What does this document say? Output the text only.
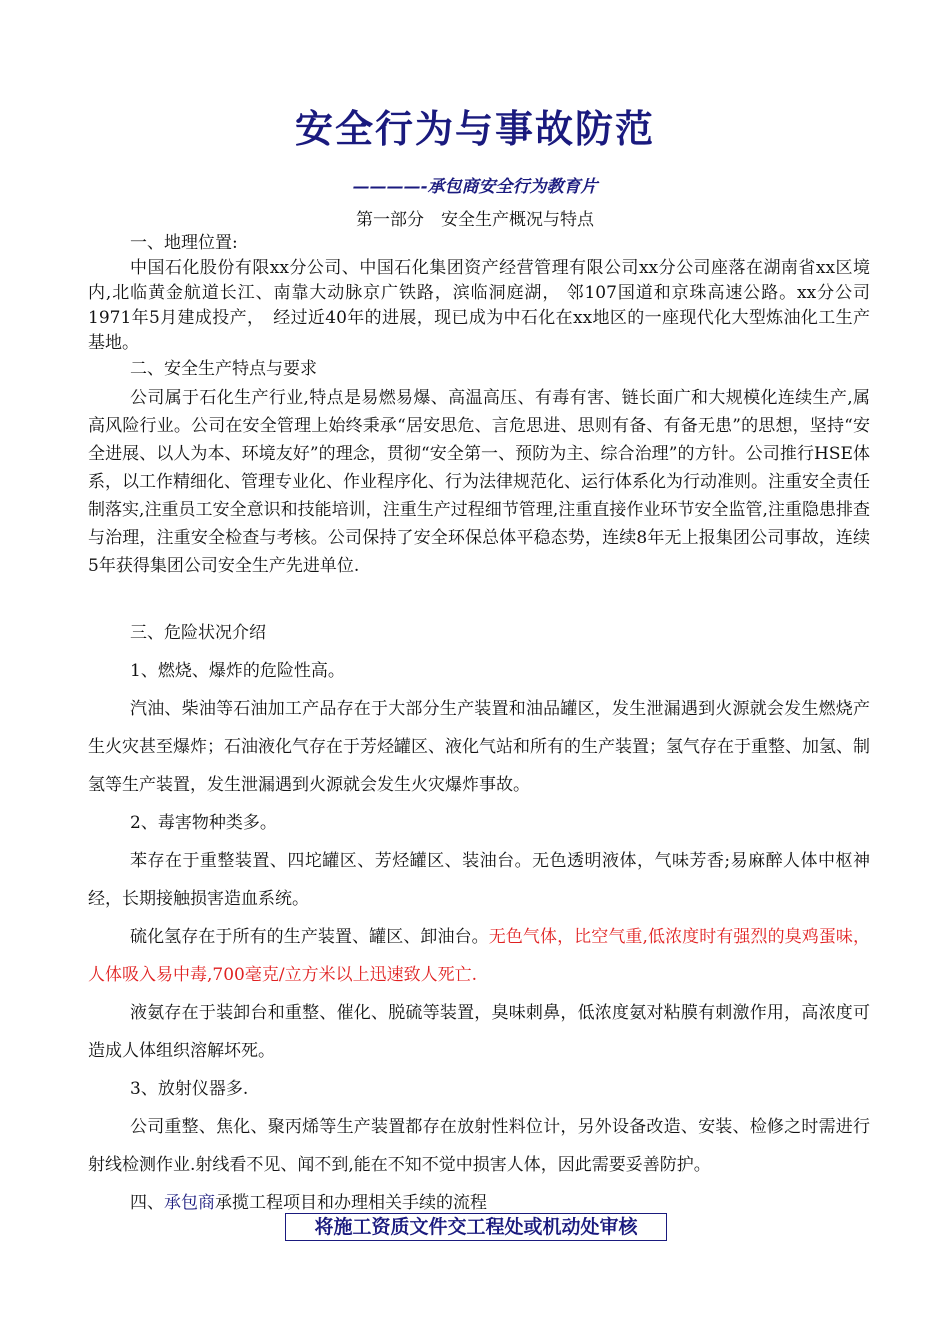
安全行为与事故防范
————-承包商安全行为教育片
第一部分　安全生产概况与特点
一、地理位置:
中国石化股份有限xx分公司、中国石化集团资产经营管理有限公司xx分公司座落在湖南省xx区境内,北临黄金航道长江、南靠大动脉京广铁路，滨临洞庭湖， 邻107国道和京珠高速公路。xx分公司1971年5月建成投产，　经过近40年的进展，现已成为中石化在xx地区的一座现代化大型炼油化工生产基地。
二、安全生产特点与要求
公司属于石化生产行业,特点是易燃易爆、高温高压、有毒有害、链长面广和大规模化连续生产,属高风险行业。公司在安全管理上始终秉承“居安思危、言危思进、思则有备、有备无患”的思想，坚持“安全进展、以人为本、环境友好”的理念，贯彻“安全第一、预防为主、综合治理”的方针。公司推行HSE体系，以工作精细化、管理专业化、作业程序化、行为法律规范化、运行体系化为行动准则。注重安全责任制落实,注重员工安全意识和技能培训，注重生产过程细节管理,注重直接作业环节安全监管,注重隐患排查与治理，注重安全检查与考核。公司保持了安全环保总体平稳态势，连续8年无上报集团公司事故，连续5年获得集团公司安全生产先进单位.
三、危险状况介绍
1、燃烧、爆炸的危险性高。
汽油、柴油等石油加工产品存在于大部分生产装置和油品罐区，发生泄漏遇到火源就会发生燃烧产生火灾甚至爆炸；石油液化气存在于芳烃罐区、液化气站和所有的生产装置；氢气存在于重整、加氢、制氢等生产装置，发生泄漏遇到火源就会发生火灾爆炸事故。
2、毒害物种类多。
苯存在于重整装置、四坨罐区、芳烃罐区、装油台。无色透明液体，气味芳香;易麻醉人体中枢神经，长期接触损害造血系统。
硫化氢存在于所有的生产装置、罐区、卸油台。无色气体，比空气重,低浓度时有强烈的臭鸡蛋味，人体吸入易中毒,700毫克/立方米以上迅速致人死亡.
液氨存在于装卸台和重整、催化、脱硫等装置，臭味刺鼻，低浓度氨对粘膜有刺激作用，高浓度可造成人体组织溶解坏死。
3、放射仪器多.
公司重整、焦化、聚丙烯等生产装置都存在放射性料位计，另外设备改造、安装、检修之时需进行射线检测作业.射线看不见、闻不到,能在不知不觉中损害人体，因此需要妥善防护。
四、承包商承揽工程项目和办理相关手续的流程
将施工资质文件交工程处或机动处审核
